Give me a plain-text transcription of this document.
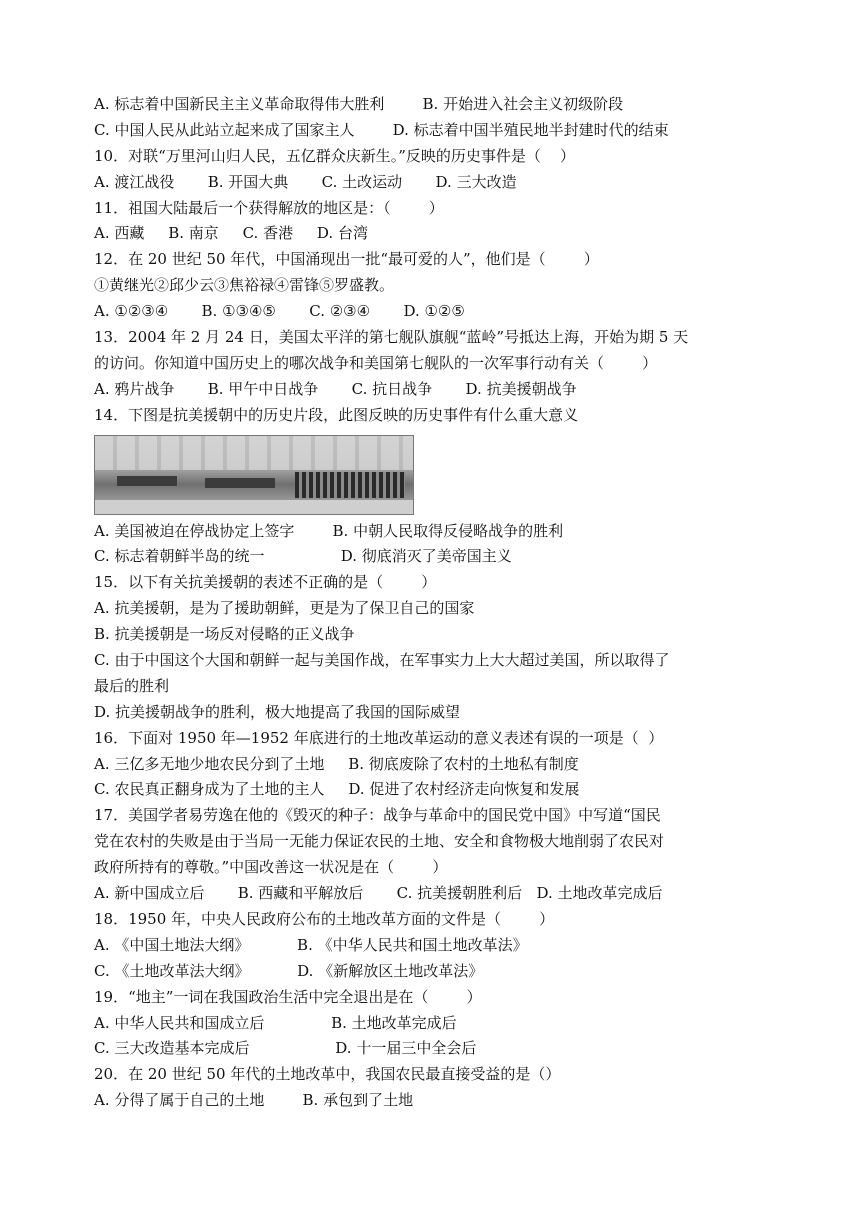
A. 标志着中国新民主主义革命取得伟大胜利        B. 开始进入社会主义初级阶段
C. 中国人民从此站立起来成了国家主人        D. 标志着中国半殖民地半封建时代的结束
10．对联“万里河山归人民，五亿群众庆新生。”反映的历史事件是（    ）
A. 渡江战役       B. 开国大典       C. 土改运动       D. 三大改造
11．祖国大陆最后一个获得解放的地区是：（        ）
A. 西藏     B. 南京     C. 香港     D. 台湾
12．在 20 世纪 50 年代，中国涌现出一批“最可爱的人”，他们是（        ）
①黄继光②邱少云③焦裕禄④雷锋⑤罗盛教。
A. ①②③④       B. ①③④⑤       C. ②③④       D. ①②⑤
13．2004 年 2 月 24 日，美国太平洋的第七舰队旗舰“蓝岭”号抵达上海，开始为期 5 天
的访问。你知道中国历史上的哪次战争和美国第七舰队的一次军事行动有关（        ）
A. 鸦片战争       B. 甲午中日战争       C. 抗日战争       D. 抗美援朝战争
14．下图是抗美援朝中的历史片段，此图反映的历史事件有什么重大意义
A. 美国被迫在停战协定上签字        B. 中朝人民取得反侵略战争的胜利
C. 标志着朝鲜半岛的统一                D. 彻底消灭了美帝国主义
15．以下有关抗美援朝的表述不正确的是（        ）
A. 抗美援朝，是为了援助朝鲜，更是为了保卫自己的国家
B. 抗美援朝是一场反对侵略的正义战争
C. 由于中国这个大国和朝鲜一起与美国作战，在军事实力上大大超过美国，所以取得了
最后的胜利
D. 抗美援朝战争的胜利，极大地提高了我国的国际威望
16．下面对 1950 年—1952 年底进行的土地改革运动的意义表述有误的一项是（  ）
A. 三亿多无地少地农民分到了土地     B. 彻底废除了农村的土地私有制度
C. 农民真正翻身成为了土地的主人     D. 促进了农村经济走向恢复和发展
17．美国学者易劳逸在他的《毁灭的种子：战争与革命中的国民党中国》中写道“国民
党在农村的失败是由于当局一无能力保证农民的土地、安全和食物极大地削弱了农民对
政府所持有的尊敬。”中国改善这一状况是在（        ）
A. 新中国成立后       B. 西藏和平解放后       C. 抗美援朝胜利后   D. 土地改革完成后
18．1950 年，中央人民政府公布的土地改革方面的文件是（        ）
A. 《中国土地法大纲》          B. 《中华人民共和国土地改革法》
C. 《土地改革法大纲》          D. 《新解放区土地改革法》
19．“地主”一词在我国政治生活中完全退出是在（        ）
A. 中华人民共和国成立后              B. 土地改革完成后
C. 三大改造基本完成后                  D. 十一届三中全会后
20．在 20 世纪 50 年代的土地改革中，我国农民最直接受益的是（）
A. 分得了属于自己的土地        B. 承包到了土地
